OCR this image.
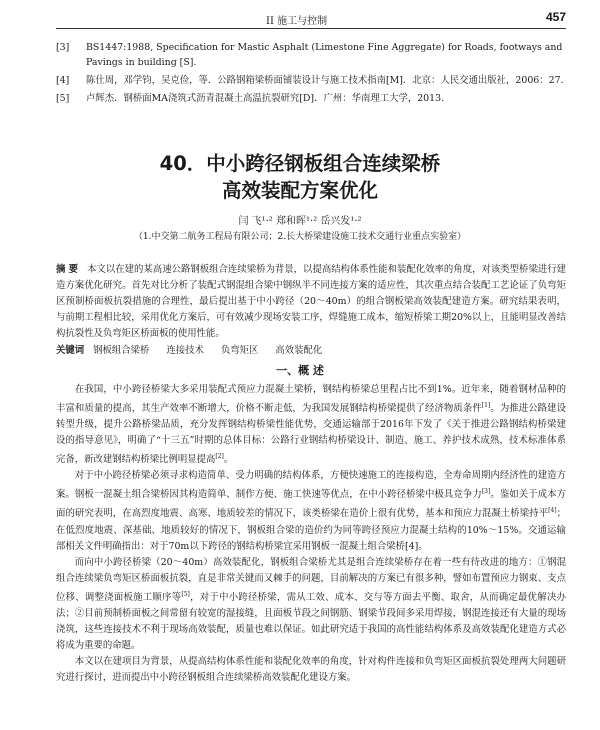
II 施工与控制	457
[3] BS1447:1988, Specification for Mastic Asphalt (Limestone Fine Aggregate) for Roads, footways and Pavings in building [S].
[4] 陈仕周，邓学钧，吴克俭，等．公路钢箱梁桥面铺装设计与施工技术指南[M]．北京：人民交通出版社，2006：27.
[5] 卢辉杰．钢桥面MA浇筑式沥青混凝土高温抗裂研究[D]．广州：华南理工大学，2013.
40．中小跨径钢板组合连续梁桥
高效装配方案优化
闫 飞¹·² 郑和晖¹·² 岳兴发¹·²
（1.中交第二航务工程局有限公司；2.长大桥梁建设施工技术交通行业重点实验室）
摘 要 本文以在建的某高速公路钢板组合连续梁桥为背景，以提高结构体系性能和装配化效率的角度，对该类型桥梁进行建造方案优化研究。首先对比分析了装配式钢混组合梁中钢纵半不同连接方案的适应性，其次重点结合装配工艺论证了负弯矩区预制桥面板抗裂措施的合理性，最后提出基于中小跨径（20～40m）的组合钢板梁高效装配建造方案。研究结果表明，与前期工程相比较，采用优化方案后，可有效减少现场安装工序，焊缝施工成本，缩短桥梁工期20%以上，且能明显改善结构抗裂性及负弯矩区桥面板的使用性能。
关键词 钢板组合梁桥 连接技术 负弯矩区 高效装配化
一、概 述

在我国，中小跨径桥梁大多采用装配式预应力混凝土梁桥，钢结构桥梁总里程占比不到1%。近年来，随着钢材品种的丰富和质量的提高，其生产效率不断增大，价格不断走低，为我国发展钢结构桥梁提供了经济物质条件[1]。为推进公路建设转型升级，提升公路桥梁品质，充分发挥钢结构桥梁性能优势，交通运输部于2016年下发了《关于推进公路钢结构桥梁建设的指导意见》，明确了“十三五”时期的总体目标：公路行业钢结构桥梁设计、制造、施工、养护技术成熟，技术标准体系完备，新改建钢结构桥梁比例明显提高[2]。

对于中小跨径桥梁必须寻求构造简单、受力明确的结构体系，方便快速施工的连接构造，全寿命周期内经济性的建造方案。钢板一混凝土组合梁桥因其构造简单、制作方便、施工快速等优点，在中小跨径桥梁中极具竞争力[3]。鉴如关于成本方面的研究表明，在高烈度地震、高寒、地质较差的情况下，该类桥梁在造价上很有优势，基本和预应力混凝土桥梁持平[4]；在低烈度地震、深基础、地质较好的情况下，钢板组合梁的造价约为同等跨径预应力混凝土结构的10%～15%。交通运输部相关文件明确指出：对于70m以下跨径的钢结构桥梁宜采用钢板一混凝土组合梁桥[4]。

而向中小跨径桥梁（20～40m）高效装配化，钢板组合梁桥尤其是组合连续梁桥存在着一些有待改进的地方：①钢混组合连续梁负弯矩区桥面板抗裂，直是非常关键而又棘手的问题，目前解决的方案已有很多种，譬如布置预应力钢束、支点位移、调整浇面板施工顺序等[5]，对于中小跨径桥梁，需从工效、成本、交与等方面去平衡、取舍，从而确定最优解决办法；②目前预制桥面板之间常留有较宽的湿接缝，且面板节段之间钢筋、钢梁节段间多采用焊接，钢混连接还有大量的现场浇筑，这些连接技术不利于现场高效装配，质量也难以保证。如此研究适于我国的高性能结构体系及高效装配化建造方式必将成为重要的命题。

本文以在建项目为背景，从提高结构体系性能和装配化效率的角度，针对构件连接和负弯矩区面板抗裂处理两大问题研究进行探讨，进而提出中小跨径钢板组合连续梁桥高效装配化建设方案。
